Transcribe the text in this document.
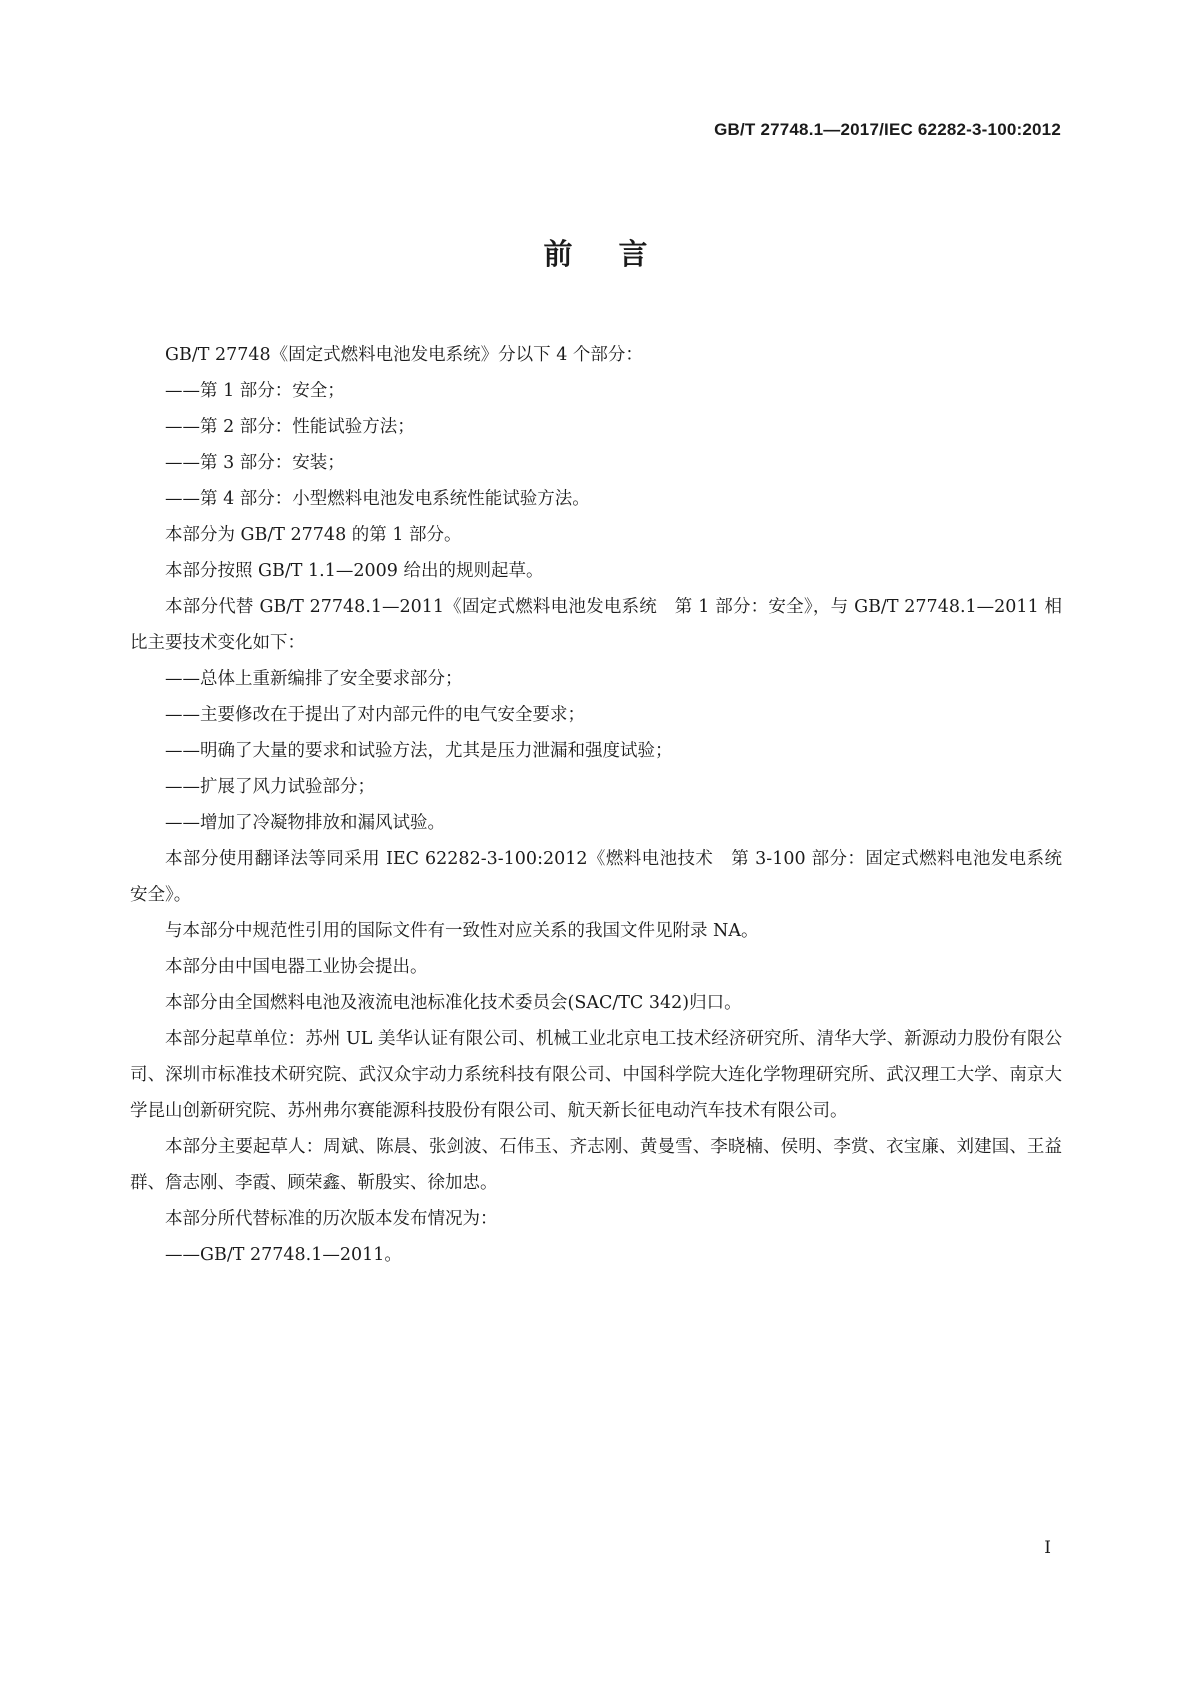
GB/T 27748.1—2017/IEC 62282-3-100:2012
前言

GB/T 27748《固定式燃料电池发电系统》分以下 4 个部分：

——第 1 部分：安全；

——第 2 部分：性能试验方法；

——第 3 部分：安装；

——第 4 部分：小型燃料电池发电系统性能试验方法。

本部分为 GB/T 27748 的第 1 部分。

本部分按照 GB/T 1.1—2009 给出的规则起草。

本部分代替 GB/T 27748.1—2011《固定式燃料电池发电系统　第 1 部分：安全》，与 GB/T 27748.1—2011 相比主要技术变化如下：

——总体上重新编排了安全要求部分；

——主要修改在于提出了对内部元件的电气安全要求；

——明确了大量的要求和试验方法，尤其是压力泄漏和强度试验；

——扩展了风力试验部分；

——增加了冷凝物排放和漏风试验。

本部分使用翻译法等同采用 IEC 62282-3-100:2012《燃料电池技术　第 3-100 部分：固定式燃料电池发电系统　安全》。

与本部分中规范性引用的国际文件有一致性对应关系的我国文件见附录 NA。

本部分由中国电器工业协会提出。

本部分由全国燃料电池及液流电池标准化技术委员会(SAC/TC 342)归口。

本部分起草单位：苏州 UL 美华认证有限公司、机械工业北京电工技术经济研究所、清华大学、新源动力股份有限公司、深圳市标准技术研究院、武汉众宇动力系统科技有限公司、中国科学院大连化学物理研究所、武汉理工大学、南京大学昆山创新研究院、苏州弗尔赛能源科技股份有限公司、航天新长征电动汽车技术有限公司。

本部分主要起草人：周斌、陈晨、张剑波、石伟玉、齐志刚、黄曼雪、李晓楠、侯明、李赏、衣宝廉、刘建国、王益群、詹志刚、李霞、顾荣鑫、靳殷实、徐加忠。

本部分所代替标准的历次版本发布情况为：

——GB/T 27748.1—2011。

I
